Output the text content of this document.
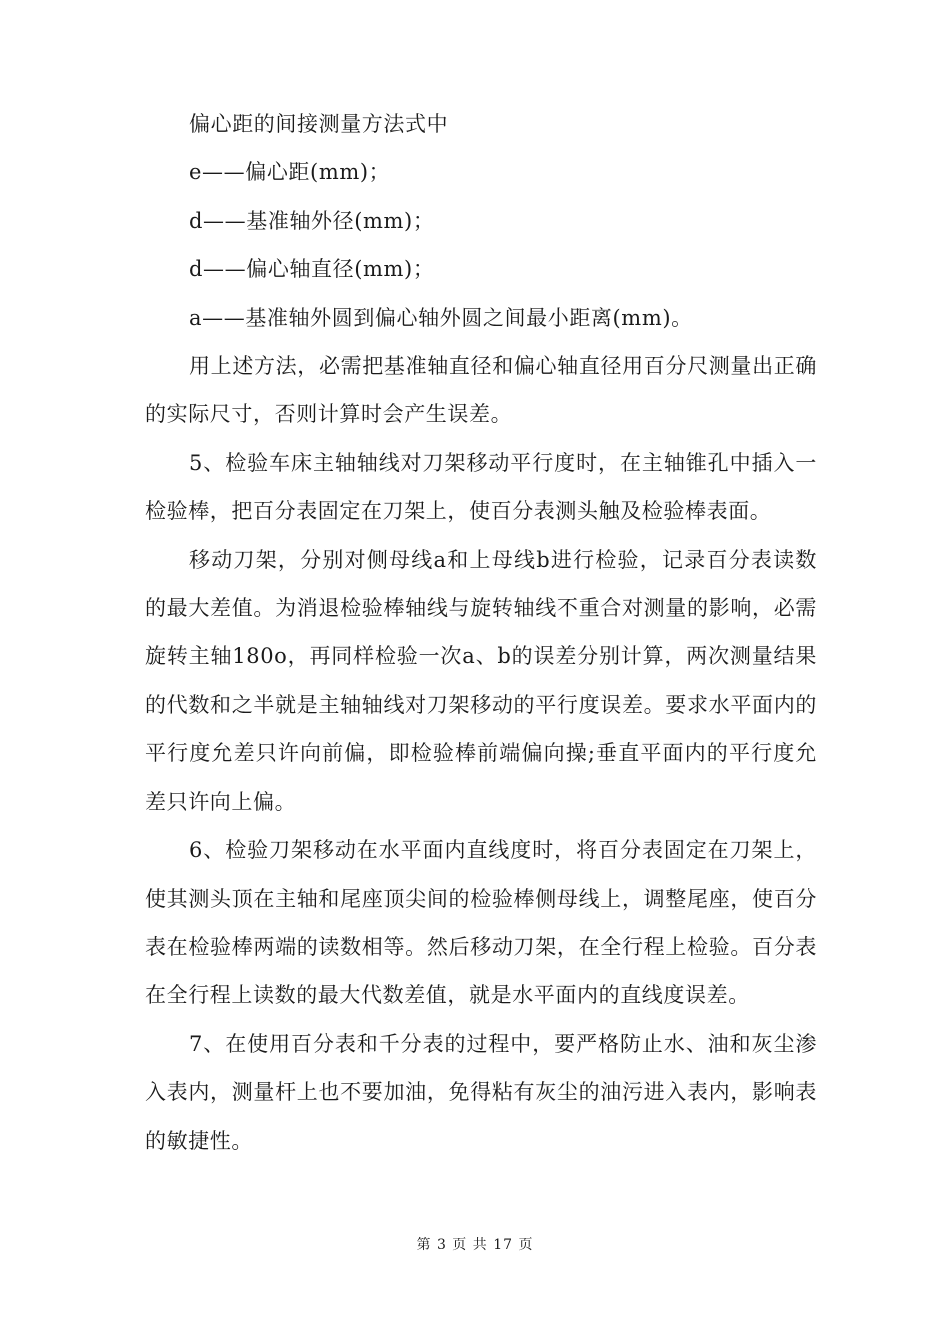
偏心距的间接测量方法式中

e——偏心距(mm)；

d——基准轴外径(mm)；

d——偏心轴直径(mm)；

a——基准轴外圆到偏心轴外圆之间最小距离(mm)。

用上述方法，必需把基准轴直径和偏心轴直径用百分尺测量出正确的实际尺寸，否则计算时会产生误差。

5、检验车床主轴轴线对刀架移动平行度时，在主轴锥孔中插入一检验棒，把百分表固定在刀架上，使百分表测头触及检验棒表面。

移动刀架，分别对侧母线a和上母线b进行检验，记录百分表读数的最大差值。为消退检验棒轴线与旋转轴线不重合对测量的影响，必需旋转主轴180o，再同样检验一次a、b的误差分别计算，两次测量结果的代数和之半就是主轴轴线对刀架移动的平行度误差。要求水平面内的平行度允差只许向前偏，即检验棒前端偏向操;垂直平面内的平行度允差只许向上偏。

6、检验刀架移动在水平面内直线度时，将百分表固定在刀架上，使其测头顶在主轴和尾座顶尖间的检验棒侧母线上，调整尾座，使百分表在检验棒两端的读数相等。然后移动刀架，在全行程上检验。百分表在全行程上读数的最大代数差值，就是水平面内的直线度误差。

7、在使用百分表和千分表的过程中，要严格防止水、油和灰尘渗入表内，测量杆上也不要加油，免得粘有灰尘的油污进入表内，影响表的敏捷性。

第 3 页 共 17 页
